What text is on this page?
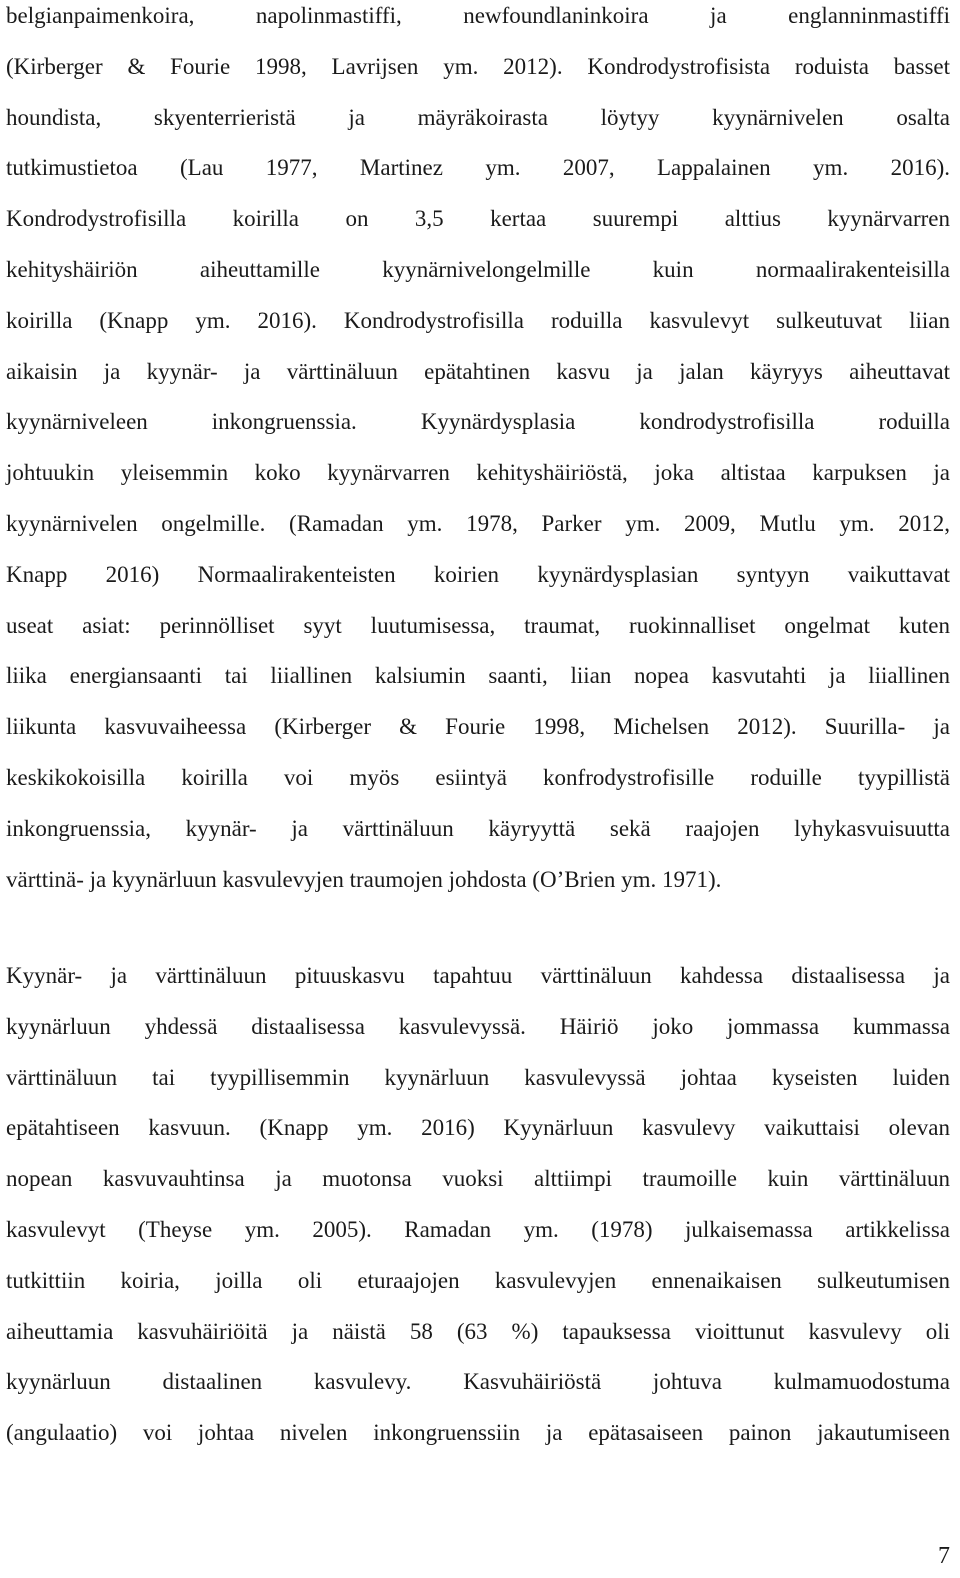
belgianpaimenkoira, napolinmastiffi, newfoundlaninkoira ja englanninmastiffi
(Kirberger & Fourie 1998, Lavrijsen ym. 2012). Kondrodystrofisista roduista basset
houndista, skyenterrieristä ja mäyräkoirasta löytyy kyynärnivelen osalta
tutkimustietoa (Lau 1977, Martinez ym. 2007, Lappalainen ym. 2016).
Kondrodystrofisilla koirilla on 3,5 kertaa suurempi alttius kyynärvarren
kehityshäiriön aiheuttamille kyynärnivelongelmille kuin normaalirakenteisilla
koirilla (Knapp ym. 2016). Kondrodystrofisilla roduilla kasvulevyt sulkeutuvat liian
aikaisin ja kyynär- ja värttinäluun epätahtinen kasvu ja jalan käyryys aiheuttavat
kyynärniveleen inkongruenssia. Kyynärdysplasia kondrodystrofisilla roduilla
johtuukin yleisemmin koko kyynärvarren kehityshäiriöstä, joka altistaa karpuksen ja
kyynärnivelen ongelmille. (Ramadan ym. 1978, Parker ym. 2009, Mutlu ym. 2012,
Knapp 2016) Normaalirakenteisten koirien kyynärdysplasian syntyyn vaikuttavat
useat asiat: perinnölliset syyt luutumisessa, traumat, ruokinnalliset ongelmat kuten
liika energiansaanti tai liiallinen kalsiumin saanti, liian nopea kasvutahti ja liiallinen
liikunta kasvuvaiheessa (Kirberger & Fourie 1998, Michelsen 2012). Suurilla- ja
keskikokoisilla koirilla voi myös esiintyä konfrodystrofisille roduille tyypillistä
inkongruenssia, kyynär- ja värttinäluun käyryyttä sekä raajojen lyhykasvuisuutta
värttinä- ja kyynärluun kasvulevyjen traumojen johdosta (O’Brien ym. 1971).
Kyynär- ja värttinäluun pituuskasvu tapahtuu värttinäluun kahdessa distaalisessa ja
kyynärluun yhdessä distaalisessa kasvulevyssä. Häiriö joko jommassa kummassa
värttinäluun tai tyypillisemmin kyynärluun kasvulevyssä johtaa kyseisten luiden
epätahtiseen kasvuun. (Knapp ym. 2016) Kyynärluun kasvulevy vaikuttaisi olevan
nopean kasvuvauhtinsa ja muotonsa vuoksi alttiimpi traumoille kuin värttinäluun
kasvulevyt (Theyse ym. 2005). Ramadan ym. (1978) julkaisemassa artikkelissa
tutkittiin koiria, joilla oli eturaajojen kasvulevyjen ennenaikaisen sulkeutumisen
aiheuttamia kasvuhäiriöitä ja näistä 58 (63 %) tapauksessa vioittunut kasvulevy oli
kyynärluun distaalinen kasvulevy. Kasvuhäiriöstä johtuva kulmamuodostuma
(angulaatio) voi johtaa nivelen inkongruenssiin ja epätasaiseen painon jakautumiseen
7
